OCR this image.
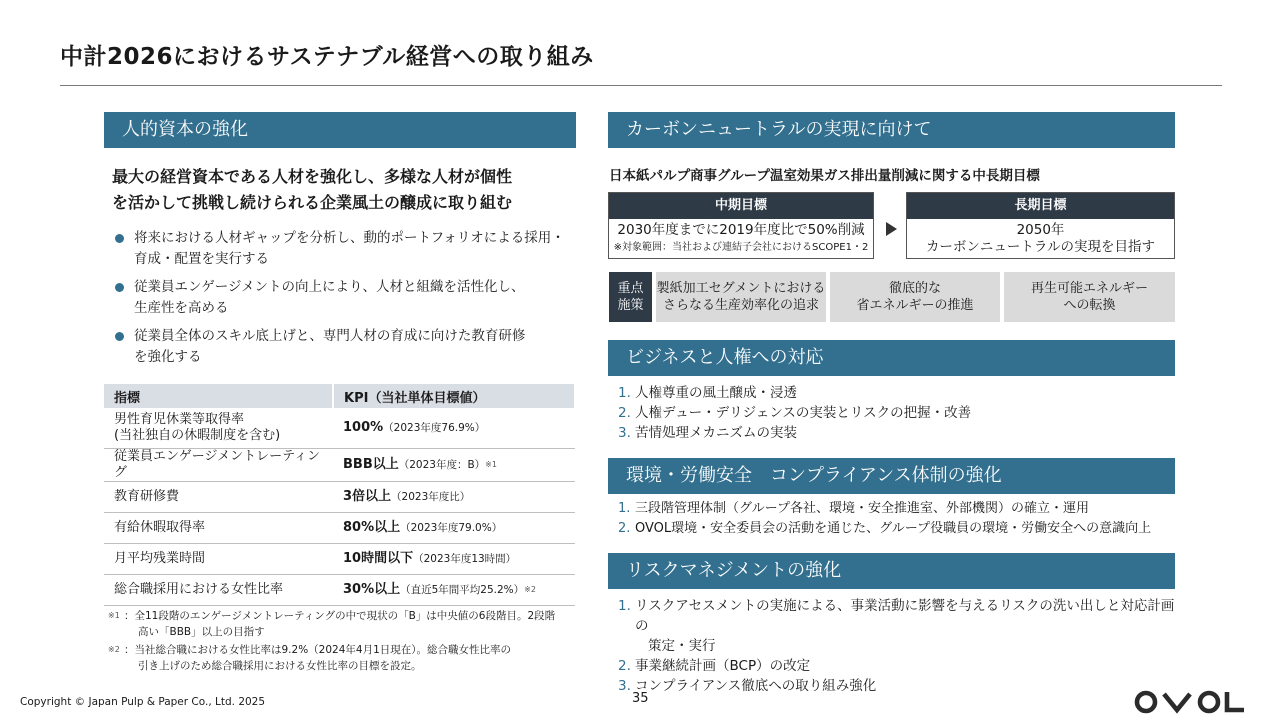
中計2026におけるサステナブル経営への取り組み
人的資本の強化
最大の経営資本である人材を強化し、多様な人材が個性
を活かして挑戦し続けられる企業風土の醸成に取り組む
将来における人材ギャップを分析し、動的ポートフォリオによる採用・
育成・配置を実行する
従業員エンゲージメントの向上により、人材と組織を活性化し、
生産性を高める
従業員全体のスキル底上げと、専門人材の育成に向けた教育研修
を強化する
指標	KPI（当社単体目標値）

男性育児休業等取得率
(当社独自の休暇制度を含む)	100%（2023年度76.9%）
従業員エンゲージメントレーティング	BBB以上（2023年度：B）$^{※1}$
教育研修費	3倍以上（2023年度比）
有給休暇取得率	80%以上（2023年度79.0%）
月平均残業時間	10時間以下（2023年度13時間）
総合職採用における女性比率	30%以上（直近5年間平均25.2%）$^{※2}$
※1 ：全11段階のエンゲージメントレーティングの中で現状の「B」は中央値の6段階目。2段階
高い「BBB」以上の目指す
※2 ：当社総合職における女性比率は9.2%（2024年4月1日現在）。総合職女性比率の
引き上げのため総合職採用における女性比率の目標を設定。
カーボンニュートラルの実現に向けて
日本紙パルプ商事グループ温室効果ガス排出量削減に関する中長期目標
中期目標
2030年度までに2019年度比で50%削減
※対象範囲：当社および連結子会社におけるSCOPE1・2
長期目標
2050年
カーボンニュートラルの実現を目指す
重点
施策
製紙加工セグメントにおける
さらなる生産効率化の追求
徹底的な
省エネルギーの推進
再生可能エネルギー
への転換
ビジネスと人権への対応
1. 人権尊重の風土醸成・浸透
2. 人権デュー・デリジェンスの実装とリスクの把握・改善
3. 苦情処理メカニズムの実装
環境・労働安全　コンプライアンス体制の強化
1. 三段階管理体制（グループ各社、環境・安全推進室、外部機関）の確立・運用
2. OVOL環境・安全委員会の活動を通じた、グループ役職員の環境・労働安全への意識向上
リスクマネジメントの強化
1. リスクアセスメントの実施による、事業活動に影響を与えるリスクの洗い出しと対応計画の
策定・実行
2. 事業継続計画（BCP）の改定
3. コンプライアンス徹底への取り組み強化
Copyright © Japan Pulp & Paper Co., Ltd. 2025	35
